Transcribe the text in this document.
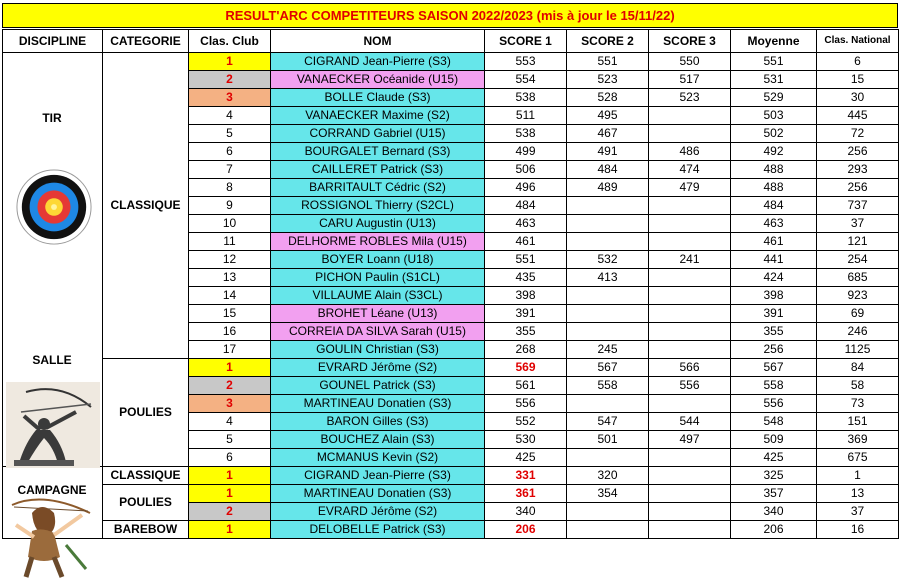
RESULT'ARC COMPETITEURS SAISON 2022/2023 (mis à jour le 15/11/22)
DISCIPLINE	CATEGORIE	Clas. Club	NOM	SCORE 1	SCORE 2	SCORE 3	Moyenne	Clas. National
	CLASSIQUE	1	CIGRAND Jean-Pierre (S3)	553	551	550	551	6
		2	VANAECKER Océanide (U15)	554	523	517	531	15
		3	BOLLE Claude (S3)	538	528	523	529	30
		4	VANAECKER Maxime (S2)	511	495		503	445
		5	CORRAND Gabriel (U15)	538	467		502	72
		6	BOURGALET Bernard (S3)	499	491	486	492	256
		7	CAILLERET Patrick (S3)	506	484	474	488	293
		8	BARRITAULT Cédric (S2)	496	489	479	488	256
		9	ROSSIGNOL Thierry (S2CL)	484			484	737
		10	CARU Augustin (U13)	463			463	37
		11	DELHORME ROBLES Mila (U15)	461			461	121
		12	BOYER Loann (U18)	551	532	241	441	254
		13	PICHON Paulin (S1CL)	435	413		424	685
		14	VILLAUME Alain (S3CL)	398			398	923
		15	BROHET Léane (U13)	391			391	69
		16	CORREIA DA SILVA Sarah (U15)	355			355	246
		17	GOULIN Christian (S3)	268	245		256	1125
	POULIES	1	EVRARD Jérôme (S2)	569	567	566	567	84
		2	GOUNEL Patrick (S3)	561	558	556	558	58
		3	MARTINEAU Donatien (S3)	556			556	73
		4	BARON Gilles (S3)	552	547	544	548	151
		5	BOUCHEZ Alain (S3)	530	501	497	509	369
		6	MCMANUS Kevin (S2)	425			425	675
	CLASSIQUE	1	CIGRAND Jean-Pierre (S3)	331	320		325	1
	POULIES	1	MARTINEAU Donatien (S3)	361	354		357	13
		2	EVRARD Jérôme (S2)	340			340	37
	BAREBOW	1	DELOBELLE Patrick (S3)	206			206	16
TIR
SALLE
CAMPAGNE
